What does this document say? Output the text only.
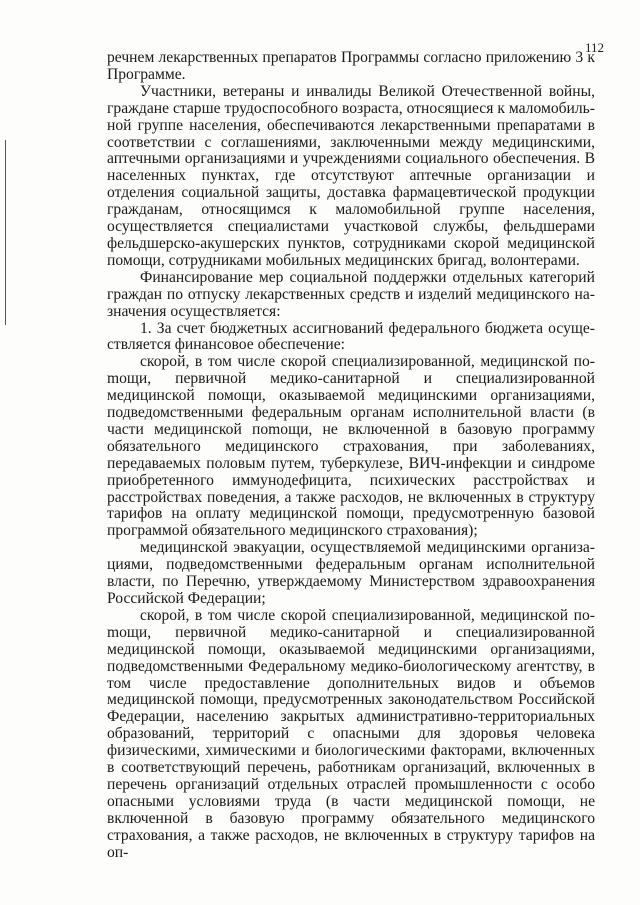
112

речнем лекарственных препаратов Программы согласно приложению 3 к Программе.

Участники, ветераны и инвалиды Великой Отечественной войны, граждане старше трудоспособного возраста, относящиеся к маломобильной группе населения, обеспечиваются лекарственными препаратами в соответствии с соглашениями, заключенными между медицинскими, аптечными организациями и учреждениями социального обеспечения. В населенных пунктах, где отсутствуют аптечные организации и отделения социальной защиты, доставка фармацевтической продукции гражданам, относящимся к маломобильной группе населения, осуществляется специалистами участковой службы, фельдшерами фельдшерско-акушерских пунктов, сотрудниками скорой медицинской помощи, сотрудниками мобильных медицинских бригад, волонтерами.

Финансирование мер социальной поддержки отдельных категорий граждан по отпуску лекарственных средств и изделий медицинского назначения осуществляется:

1. За счет бюджетных ассигнований федерального бюджета осуществляется финансовое обеспечение:

скорой, в том числе скорой специализированной, медицинской поmощи, первичной медико-санитарной и специализированной медицинской помощи, оказываемой медицинскими организациями, подведомственными федеральным органам исполнительной власти (в части медицинской поmощи, не включенной в базовую программу обязательного медицинского страхования, при заболеваниях, передаваемых половым путем, туберкулезе, ВИЧ-инфекции и синдроме приобретенного иммунодефицита, психических расстройствах и расстройствах поведения, а также расходов, не включенных в структуру тарифов на оплату медицинской помощи, предусмотренную базовой программой обязательного медицинского страхования);

медицинской эвакуации, осуществляемой медицинскими организациями, подведомственными федеральным органам исполнительной власти, по Перечню, утверждаемому Министерством здравоохранения Российской Федерации;

скорой, в том числе скорой специализированной, медицинской поmощи, первичной медико-санитарной и специализированной медицинской помощи, оказываемой медицинскими организациями, подведомственными Федеральному медико-биологическому агентству, в том числе предоставление дополнительных видов и объемов медицинской помощи, предусмотренных законодательством Российской Федерации, населению закрытых административно-территориальных образований, территорий с опасными для здоровья человека физическими, химическими и биологическими факторами, включенных в соответствующий перечень, работникам организаций, включенных в перечень организаций отдельных отраслей промышленности с особо опасными условиями труда (в части медицинской помощи, не включенной в базовую программу обязательного медицинского страхования, а также расходов, не включенных в структуру тарифов на оп-
